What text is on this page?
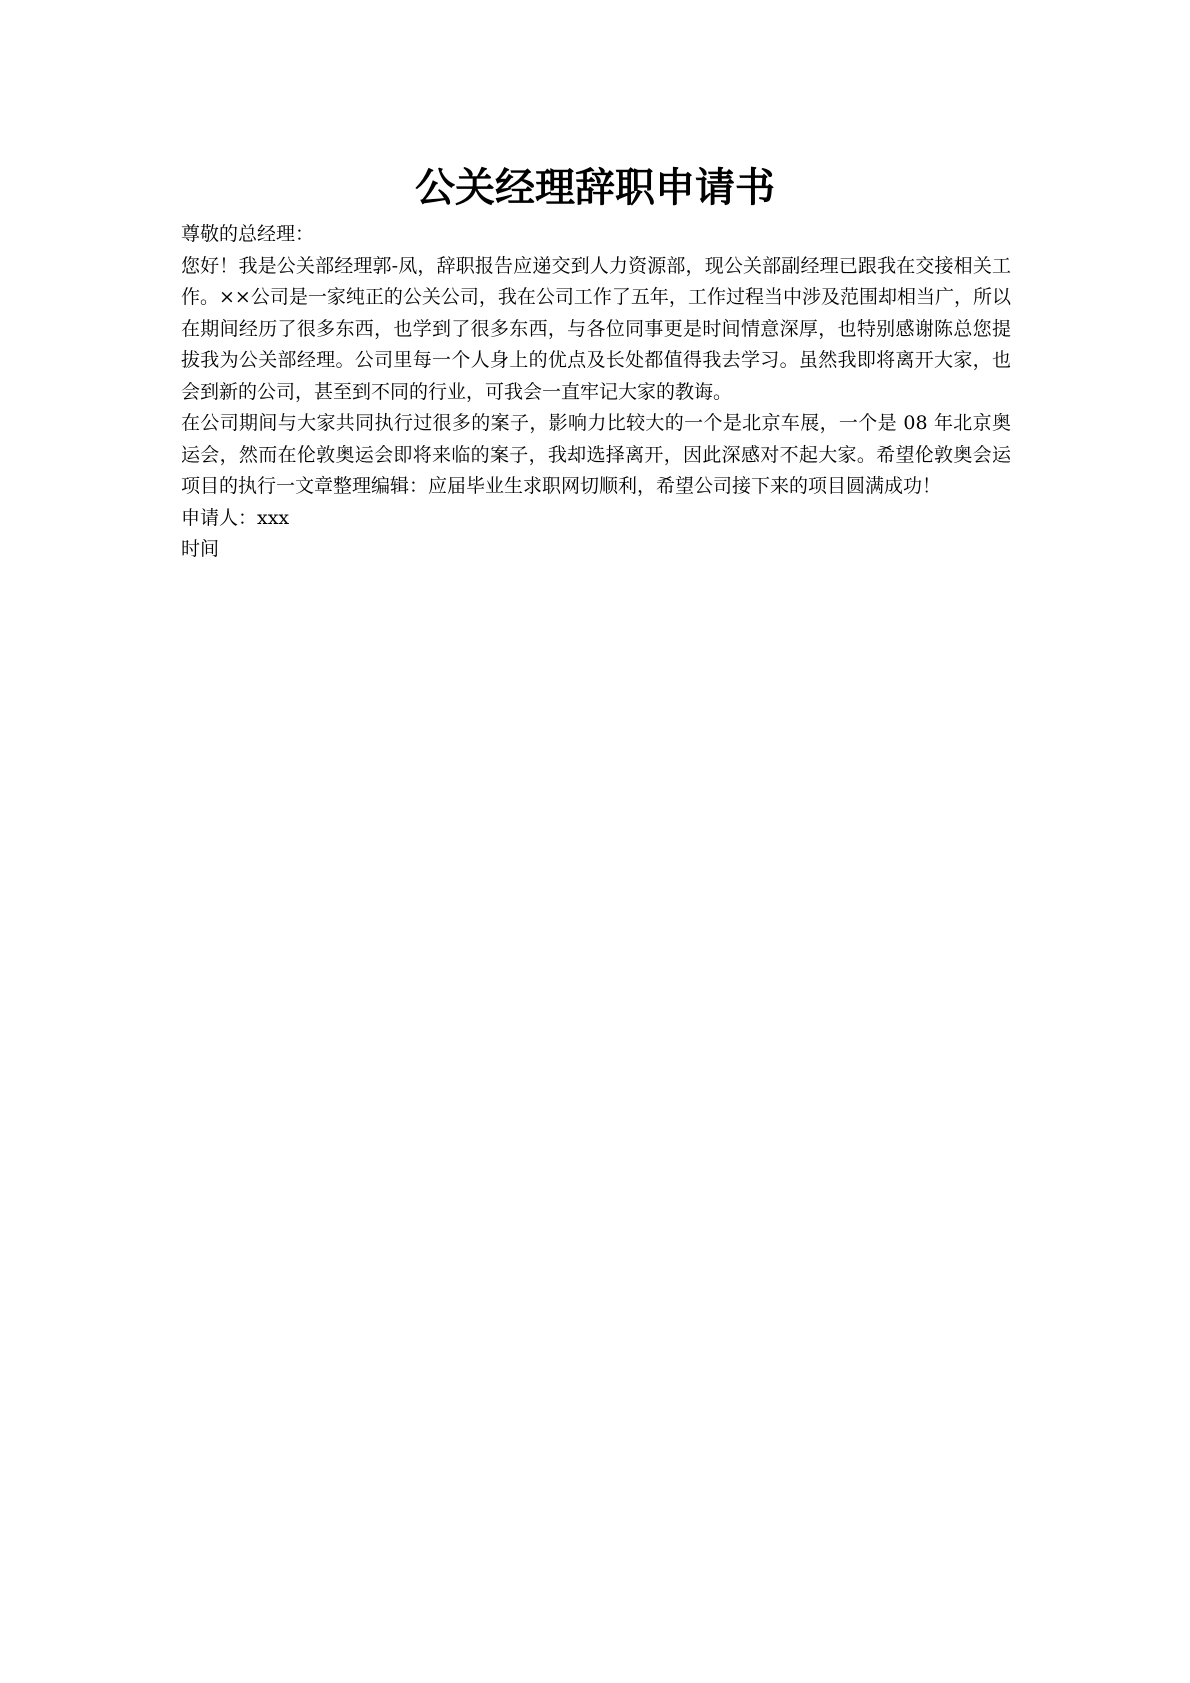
公关经理辞职申请书

尊敬的总经理：

您好！我是公关部经理郭-凤，辞职报告应递交到人力资源部，现公关部副经理已跟我在交接相关工作。××公司是一家纯正的公关公司，我在公司工作了五年，工作过程当中涉及范围却相当广，所以在期间经历了很多东西，也学到了很多东西，与各位同事更是时间情意深厚，也特别感谢陈总您提拔我为公关部经理。公司里每一个人身上的优点及长处都值得我去学习。虽然我即将离开大家，也会到新的公司，甚至到不同的行业，可我会一直牢记大家的教诲。

在公司期间与大家共同执行过很多的案子，影响力比较大的一个是北京车展，一个是 08 年北京奥运会，然而在伦敦奥运会即将来临的案子，我却选择离开，因此深感对不起大家。希望伦敦奥会运项目的执行一文章整理编辑：应届毕业生求职网切顺利，希望公司接下来的项目圆满成功！

申请人：xxx

时间
